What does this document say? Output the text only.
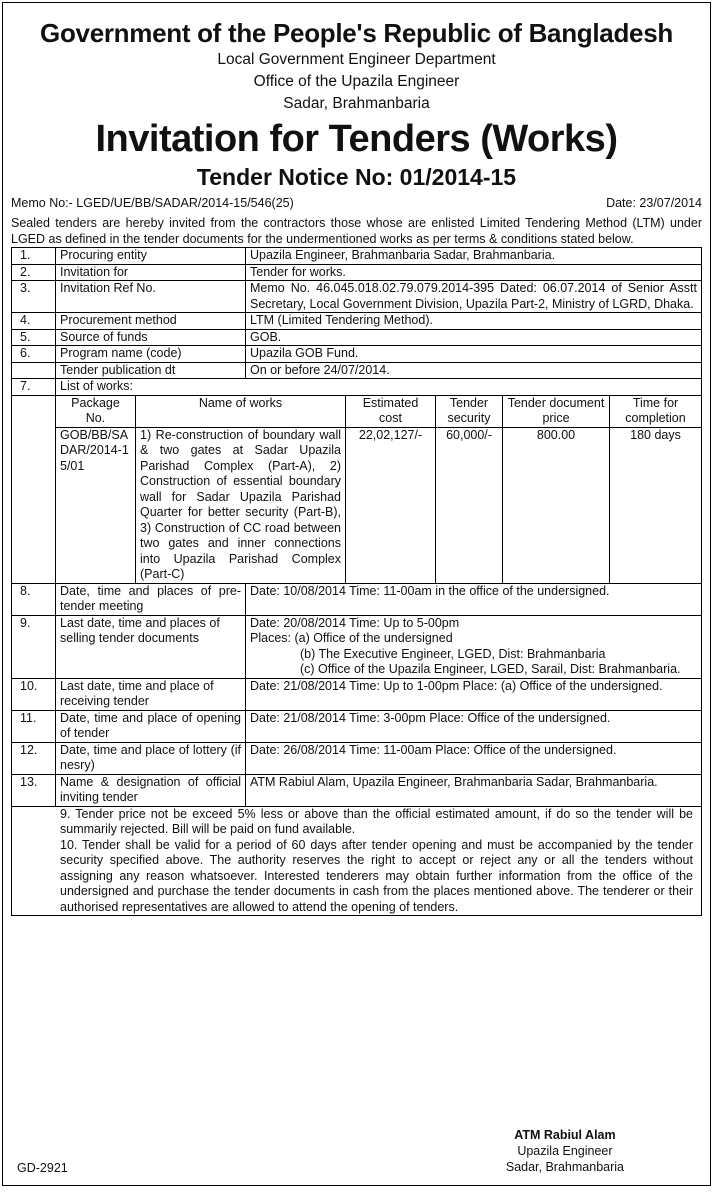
Government of the People's Republic of Bangladesh
Local Government Engineer Department
Office of the Upazila Engineer
Sadar, Brahmanbaria
Invitation for Tenders (Works)
Tender Notice No: 01/2014-15
Memo No:- LGED/UE/BB/SADAR/2014-15/546(25)	Date: 23/07/2014
Sealed tenders are hereby invited from the contractors those whose are enlisted Limited Tendering Method (LTM) under LGED as defined in the tender documents for the undermentioned works as per terms & conditions stated below.
1.	Procuring entity	Upazila Engineer, Brahmanbaria Sadar, Brahmanbaria.
2.	Invitation for	Tender for works.
3.	Invitation Ref No.	Memo No. 46.045.018.02.79.079.2014-395 Dated: 06.07.2014 of Senior Asstt Secretary, Local Government Division, Upazila Part-2, Ministry of LGRD, Dhaka.
4.	Procurement method	LTM (Limited Tendering Method).
5.	Source of funds	GOB.
6.	Program name (code)	Upazila GOB Fund.
	Tender publication dt	On or before 24/07/2014.
7.	List of works:	
	Package No.	Name of works	Estimated cost	Tender security	Tender document price	Time for completion
	GOB/BB/SADAR/2014-15/01	1) Re-construction of boundary wall & two gates at Sadar Upazila Parishad Complex (Part-A), 2) Construction of essential boundary wall for Sadar Upazila Parishad Quarter for better security (Part-B), 3) Construction of CC road between two gates and inner connections into Upazila Parishad Complex (Part-C)	22,02,127/-	60,000/-	800.00	180 days
8.	Date, time and places of pre-tender meeting	Date: 10/08/2014 Time: 11-00am in the office of the undersigned.
9.	Last date, time and places of selling tender documents	Date: 20/08/2014 Time: Up to 5-00pm
Places: (a) Office of the undersigned
(b) The Executive Engineer, LGED, Dist: Brahmanbaria
(c) Office of the Upazila Engineer, LGED, Sarail, Dist: Brahmanbaria.

10.	Last date, time and place of receiving tender	Date: 21/08/2014 Time: Up to 1-00pm Place: (a) Office of the undersigned.
11.	Date, time and place of opening of tender	Date: 21/08/2014 Time: 3-00pm Place: Office of the undersigned.
12.	Date, time and place of lottery (if nesry)	Date: 26/08/2014 Time: 11-00am Place: Office of the undersigned.
13.	Name & designation of official inviting tender	ATM Rabiul Alam, Upazila Engineer, Brahmanbaria Sadar, Brahmanbaria.
9. Tender price not be exceed 5% less or above than the official estimated amount, if do so the tender will be summarily rejected. Bill will be paid on fund available.
10. Tender shall be valid for a period of 60 days after tender opening and must be accompanied by the tender security specified above. The authority reserves the right to accept or reject any or all the tenders without assigning any reason whatsoever. Interested tenderers may obtain further information from the office of the undersigned and purchase the tender documents in cash from the places mentioned above. The tenderer or their authorised representatives are allowed to attend the opening of tenders.
ATM Rabiul Alam
Upazila Engineer
Sadar, Brahmanbaria
GD-2921
